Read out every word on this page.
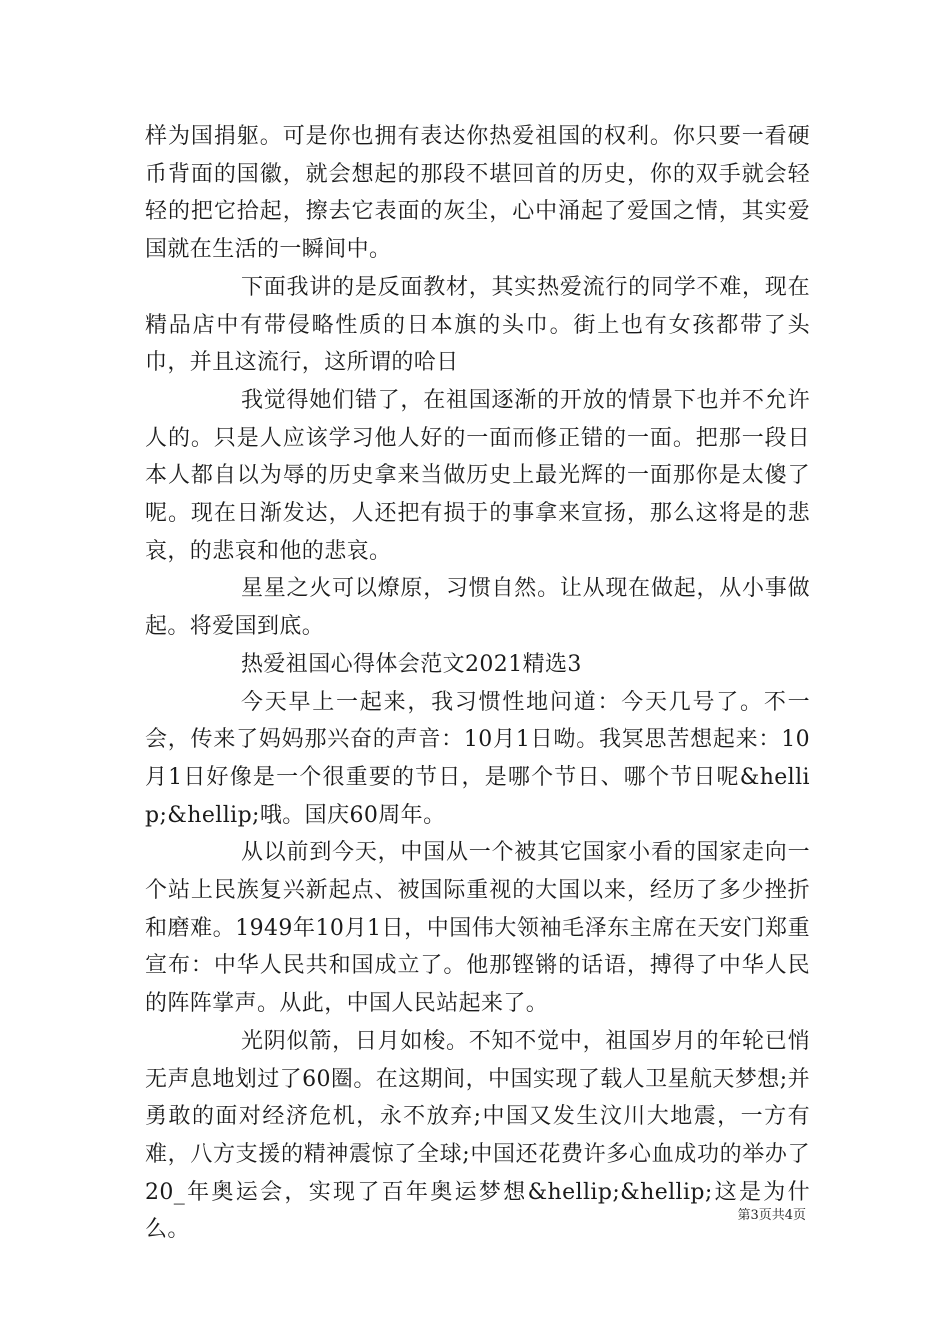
样为国捐躯。可是你也拥有表达你热爱祖国的权利。你只要一看硬币背面的国徽，就会想起的那段不堪回首的历史，你的双手就会轻轻的把它拾起，擦去它表面的灰尘，心中涌起了爱国之情，其实爱国就在生活的一瞬间中。

下面我讲的是反面教材，其实热爱流行的同学不难，现在精品店中有带侵略性质的日本旗的头巾。街上也有女孩都带了头巾，并且这流行，这所谓的哈日

我觉得她们错了，在祖国逐渐的开放的情景下也并不允许人的。只是人应该学习他人好的一面而修正错的一面。把那一段日本人都自以为辱的历史拿来当做历史上最光辉的一面那你是太傻了呢。现在日渐发达，人还把有损于的事拿来宣扬，那么这将是的悲哀，的悲哀和他的悲哀。

星星之火可以燎原，习惯自然。让从现在做起，从小事做起。将爱国到底。

热爱祖国心得体会范文2021精选3

今天早上一起来，我习惯性地问道：今天几号了。不一会，传来了妈妈那兴奋的声音：10月1日呦。我冥思苦想起来：10月1日好像是一个很重要的节日，是哪个节日、哪个节日呢&hellip;&hellip;哦。国庆60周年。

从以前到今天，中国从一个被其它国家小看的国家走向一个站上民族复兴新起点、被国际重视的大国以来，经历了多少挫折和磨难。1949年10月1日，中国伟大领袖毛泽东主席在天安门郑重宣布：中华人民共和国成立了。他那铿锵的话语，搏得了中华人民的阵阵掌声。从此，中国人民站起来了。

光阴似箭，日月如梭。不知不觉中，祖国岁月的年轮已悄无声息地划过了60圈。在这期间，中国实现了载人卫星航天梦想;并勇敢的面对经济危机，永不放弃;中国又发生汶川大地震，一方有难，八方支援的精神震惊了全球;中国还花费许多心血成功的举办了20_年奥运会，实现了百年奥运梦想&hellip;&hellip;这是为什么。

第3页共4页
